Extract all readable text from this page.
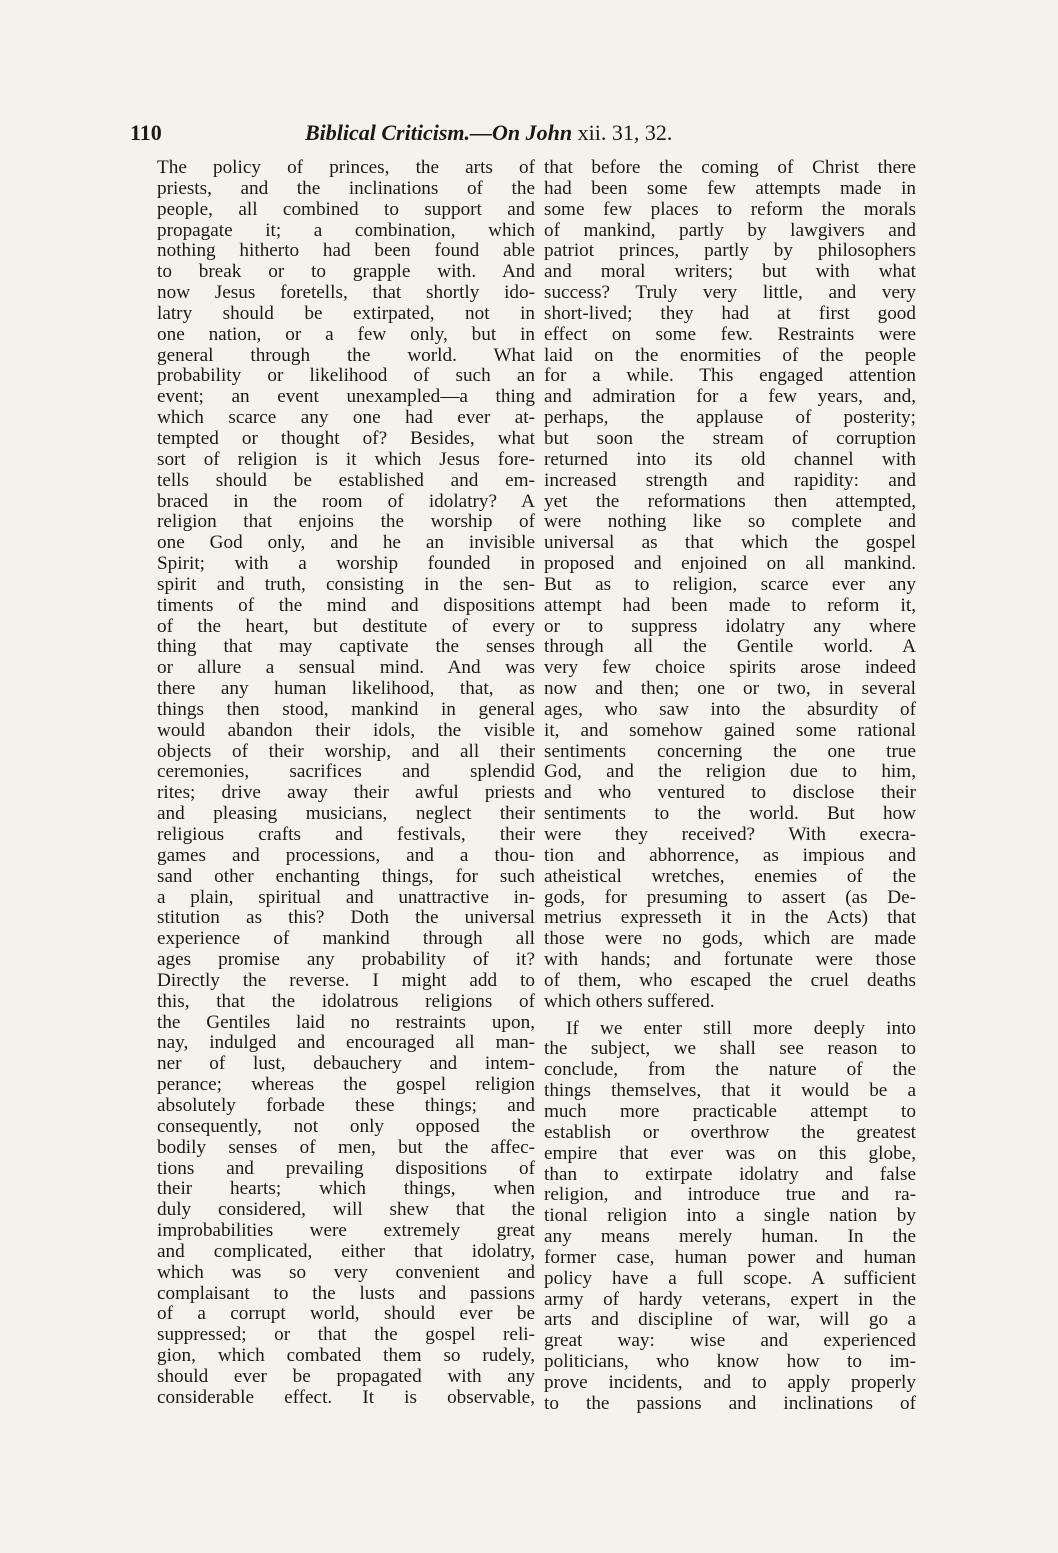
110	Biblical Criticism.—On John xii. 31, 32.
The policy of princes, the arts of
priests, and the inclinations of the
people, all combined to support and
propagate it; a combination, which
nothing hitherto had been found able
to break or to grapple with. And
now Jesus foretells, that shortly ido-
latry should be extirpated, not in
one nation, or a few only, but in
general through the world. What
probability or likelihood of such an
event; an event unexampled—a thing
which scarce any one had ever at-
tempted or thought of? Besides, what
sort of religion is it which Jesus fore-
tells should be established and em-
braced in the room of idolatry? A
religion that enjoins the worship of
one God only, and he an invisible
Spirit; with a worship founded in
spirit and truth, consisting in the sen-
timents of the mind and dispositions
of the heart, but destitute of every
thing that may captivate the senses
or allure a sensual mind. And was
there any human likelihood, that, as
things then stood, mankind in general
would abandon their idols, the visible
objects of their worship, and all their
ceremonies, sacrifices and splendid
rites; drive away their awful priests
and pleasing musicians, neglect their
religious crafts and festivals, their
games and processions, and a thou-
sand other enchanting things, for such
a plain, spiritual and unattractive in-
stitution as this? Doth the universal
experience of mankind through all
ages promise any probability of it?
Directly the reverse. I might add to
this, that the idolatrous religions of
the Gentiles laid no restraints upon,
nay, indulged and encouraged all man-
ner of lust, debauchery and intem-
perance; whereas the gospel religion
absolutely forbade these things; and
consequently, not only opposed the
bodily senses of men, but the affec-
tions and prevailing dispositions of
their hearts; which things, when
duly considered, will shew that the
improbabilities were extremely great
and complicated, either that idolatry,
which was so very convenient and
complaisant to the lusts and passions
of a corrupt world, should ever be
suppressed; or that the gospel reli-
gion, which combated them so rudely,
should ever be propagated with any
considerable effect. It is observable,
that before the coming of Christ there
had been some few attempts made in
some few places to reform the morals
of mankind, partly by lawgivers and
patriot princes, partly by philosophers
and moral writers; but with what
success? Truly very little, and very
short-lived; they had at first good
effect on some few. Restraints were
laid on the enormities of the people
for a while. This engaged attention
and admiration for a few years, and,
perhaps, the applause of posterity;
but soon the stream of corruption
returned into its old channel with
increased strength and rapidity: and
yet the reformations then attempted,
were nothing like so complete and
universal as that which the gospel
proposed and enjoined on all mankind.
But as to religion, scarce ever any
attempt had been made to reform it,
or to suppress idolatry any where
through all the Gentile world. A
very few choice spirits arose indeed
now and then; one or two, in several
ages, who saw into the absurdity of
it, and somehow gained some rational
sentiments concerning the one true
God, and the religion due to him,
and who ventured to disclose their
sentiments to the world. But how
were they received? With execra-
tion and abhorrence, as impious and
atheistical wretches, enemies of the
gods, for presuming to assert (as De-
metrius expresseth it in the Acts) that
those were no gods, which are made
with hands; and fortunate were those
of them, who escaped the cruel deaths
which others suffered.
If we enter still more deeply into
the subject, we shall see reason to
conclude, from the nature of the
things themselves, that it would be a
much more practicable attempt to
establish or overthrow the greatest
empire that ever was on this globe,
than to extirpate idolatry and false
religion, and introduce true and ra-
tional religion into a single nation by
any means merely human. In the
former case, human power and human
policy have a full scope. A sufficient
army of hardy veterans, expert in the
arts and discipline of war, will go a
great way: wise and experienced
politicians, who know how to im-
prove incidents, and to apply properly
to the passions and inclinations of
